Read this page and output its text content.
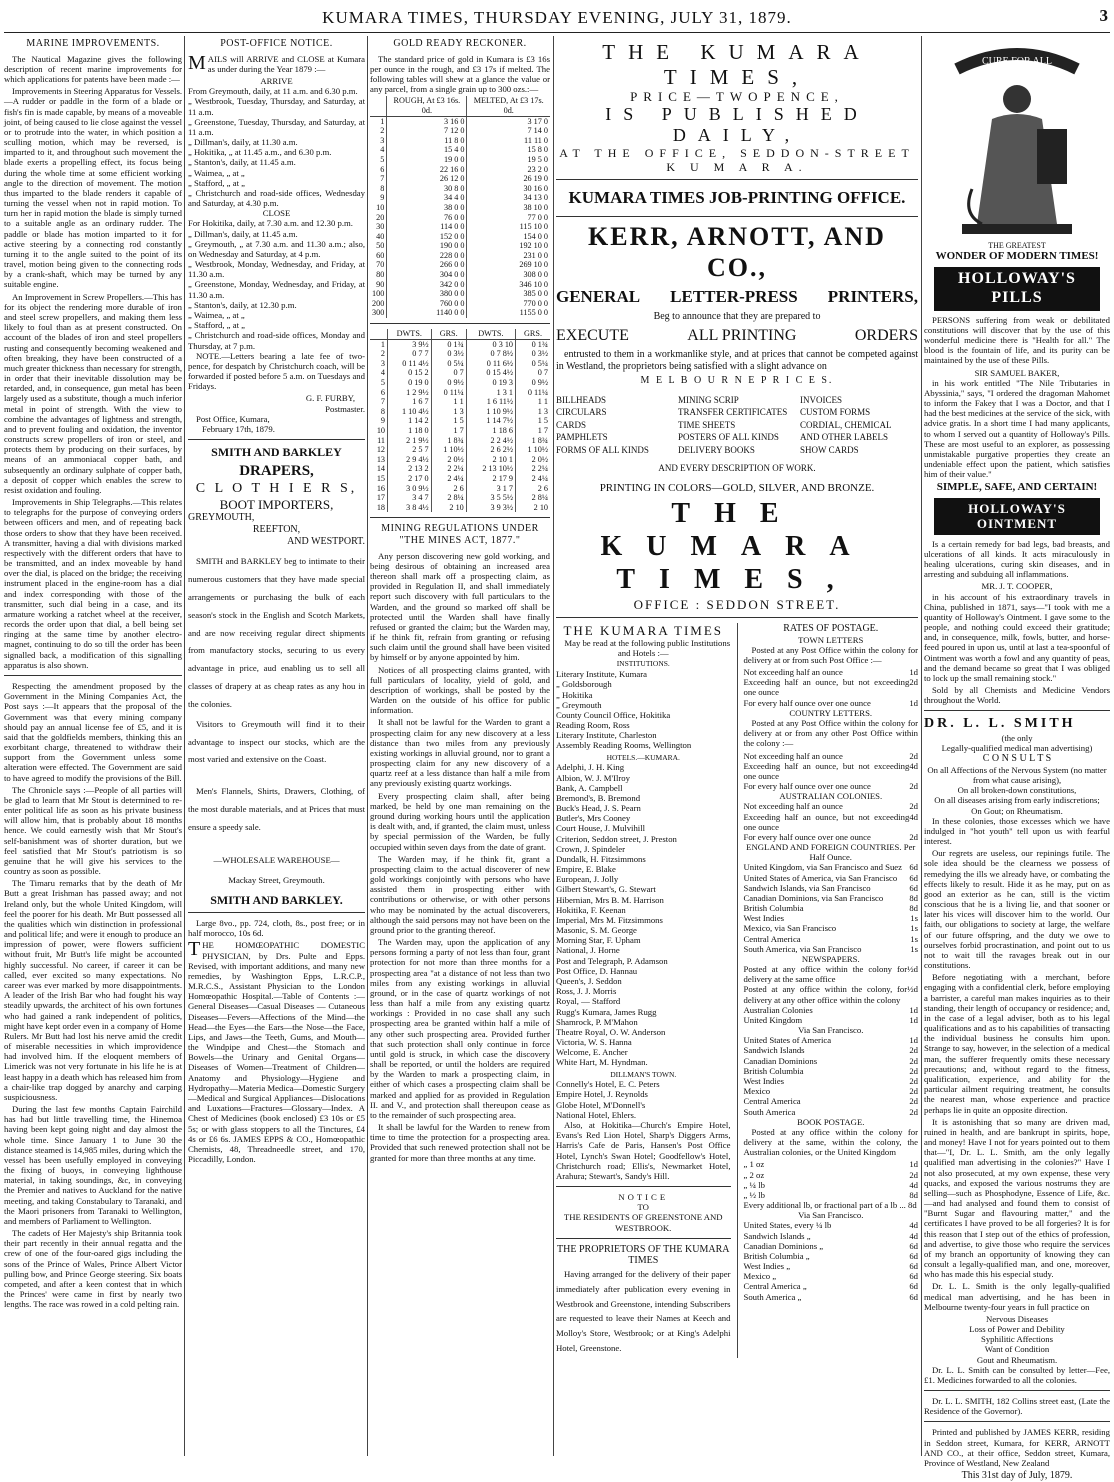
KUMARA TIMES, THURSDAY EVENING, JULY 31, 1879.	3
MARINE IMPROVEMENTS.

The Nautical Magazine gives the following description of recent marine improvements for which applications for patents have been made :—

Improvements in Steering Apparatus for Vessels.—A rudder or paddle in the form of a blade or fish's fin is made capable, by means of a moveable joint, of being caused to lie close against the vessel or to protrude into the water, in which position a sculling motion, which may be reversed, is imparted to it, and throughout such movement the blade exerts a propelling effect, its focus being during the whole time at some efficient working angle to the direction of movement. The motion thus imparted to the blade renders it capable of turning the vessel when not in rapid motion. To turn her in rapid motion the blade is simply turned to a suitable angle as an ordinary rudder. The paddle or blade has motion imparted to it for active steering by a connecting rod constantly turning it to the angle suited to the point of its travel, motion being given to the connecting rods by a crank-shaft, which may be turned by any suitable engine.

An Improvement in Screw Propellers.—This has for its object the rendering more durable of iron and steel screw propellers, and making them less likely to foul than as at present constructed. On account of the blades of iron and steel propellers rusting and consequently becoming weakened and often breaking, they have been constructed of a much greater thickness than necessary for strength, in order that their inevitable dissolution may be retarded, and, in consequence, gun metal has been largely used as a substitute, though a much inferior metal in point of strength. With the view to combine the advantages of lightness and strength, and to prevent fouling and oxidation, the inventor constructs screw propellers of iron or steel, and protects them by producing on their surfaces, by means of an ammoniacal copper bath, and subsequently an ordinary sulphate of copper bath, a deposit of copper which enables the screw to resist oxidation and fouling.

Improvements in Ship Telegraphs.—This relates to telegraphs for the purpose of conveying orders between officers and men, and of repeating back those orders to show that they have been received. A transmitter, having a dial with divisions marked respectively with the different orders that have to be transmitted, and an index moveable by hand over the dial, is placed on the bridge; the receiving instrument placed in the engine-room has a dial and index corresponding with those of the transmitter, such dial being in a case, and its armature working a ratchet wheel at the receiver, records the order upon that dial, a bell being set ringing at the same time by another electro-magnet, continuing to do so till the order has been signalled back, a modification of this signalling apparatus is also shown.

Respecting the amendment proposed by the Government in the Mining Companies Act, the Post says :—It appears that the proposal of the Government was that every mining company should pay an annual license fee of £5, and it is said that the goldfields members, thinking this an exorbitant charge, threatened to withdraw their support from the Government unless some alteration were effected. The Government are said to have agreed to modify the provisions of the Bill.

The Chronicle says :—People of all parties will be glad to learn that Mr Stout is determined to re-enter political life as soon as his private business will allow him, that is probably about 18 months hence. We could earnestly wish that Mr Stout's self-banishment was of shorter duration, but we feel satisfied that Mr Stout's patriotism is so genuine that he will give his services to the country as soon as possible.

The Timaru remarks that by the death of Mr Butt a great Irishman has passed away; and not Ireland only, but the whole United Kingdom, will feel the poorer for his death. Mr Butt possessed all the qualities which win distinction in professional and political life; and were it enough to produce an impression of power, were flowers sufficient without fruit, Mr Butt's life might be accounted highly successful. No career, if career it can be called, ever excited so many expectations. No career was ever marked by more disappointments. A leader of the Irish Bar who had fought his way steadily upwards, the architect of his own fortunes who had gained a rank independent of politics, might have kept order even in a company of Home Rulers. Mr Butt had lost his nerve amid the credit of miserable necessities in which improvidence had involved him. If the eloquent members of Limerick was not very fortunate in his life he is at least happy in a death which has released him from a chair-like trap dogged by anarchy and carping suspiciousness.

During the last few months Captain Fairchild has had but little travelling time, the Hinemoa having been kept going night and day almost the whole time. Since January 1 to June 30 the distance steamed is 14,985 miles, during which the vessel has been usefully employed in conveying the fixing of buoys, in conveying lighthouse material, in taking soundings, &c, in conveying the Premier and natives to Auckland for the native meeting, and taking Constabulary to Taranaki, and the Maori prisoners from Taranaki to Wellington, and members of Parliament to Wellington.

The cadets of Her Majesty's ship Britannia took their part recently in their annual regatta and the crew of one of the four-oared gigs including the sons of the Prince of Wales, Prince Albert Victor pulling bow, and Prince George steering. Six boats competed, and after a keen contest that in which the Princes' were came in first by nearly two lengths. The race was rowed in a cold pelting rain.

POST-OFFICE NOTICE.

MAILS will ARRIVE and CLOSE at Kumara as under during the Year 1879 :—

ARRIVE
From Greymouth, daily, at 11 a.m. and 6.30 p.m.
„ Westbrook, Tuesday, Thursday, and Saturday, at 11 a.m.
„ Greenstone, Tuesday, Thursday, and Saturday, at 11 a.m.
„ Dillman's, daily, at 11.30 a.m.
„ Hokitika, „ at 11.45 a.m., and 6.30 p.m.
„ Stanton's, daily, at 11.45 a.m.
„ Waimea, „ at „
„ Stafford, „ at „
„ Christchurch and road-side offices, Wednesday and Saturday, at 4.30 p.m.
CLOSE
For Hokitika, daily, at 7.30 a.m. and 12.30 p.m.
„ Dillman's, daily, at 11.45 a.m.
„ Greymouth, „ at 7.30 a.m. and 11.30 a.m.; also, on Wednesday and Saturday, at 4 p.m.
„ Westbrook, Monday, Wednesday, and Friday, at 11.30 a.m.
„ Greenstone, Monday, Wednesday, and Friday, at 11.30 a.m.
„ Stanton's, daily, at 12.30 p.m.
„ Waimea, „ at „
„ Stafford, „ at „
„ Christchurch and road-side offices, Monday and Thursday, at 7 p.m.

NOTE.—Letters bearing a late fee of two-pence, for despatch by Christchurch coach, will be forwarded if posted before 5 a.m. on Tuesdays and Fridays.

G. F. FURBY,
Postmaster.
Post Office, Kumara,
February 17th, 1879.
SMITH AND BARKLEY
DRAPERS,
C L O T H I E R S,
BOOT IMPORTERS,
GREYMOUTH,
REEFTON,
AND WESTPORT.

SMITH and BARKLEY beg to intimate to their numerous customers that they have made special arrangements or purchasing the bulk of each season's stock in the English and Scotch Markets, and are now receiving regular direct shipments from manufactory stocks, securing to us every advantage in price, aud enabling us to sell all classes of drapery at as cheap rates as any hou in the colonies.

Visitors to Greymouth will find it to their advantage to inspect our stocks, which are the most varied and extensive on the Coast.

Men's Flannels, Shirts, Drawers, Clothing, of the most durable materials, and at Prices that must ensure a speedy sale.

—WHOLESALE WAREHOUSE—
Mackay Street, Greymouth.
SMITH AND BARKLEY.

Large 8vo., pp. 724, cloth, 8s., post free; or in half morocco, 10s 6d.

THE HOMŒOPATHIC DOMESTIC PHYSICIAN, by Drs. Pulte and Epps. Revised, with important additions, and many new remedies, by Washington Epps, L.R.C.P., M.R.C.S., Assistant Physician to the London Homœopathic Hospital.—Table of Contents :—General Diseases—Casual Diseases — Cutaneous Diseases—Fevers—Affections of the Mind—the Head—the Eyes—the Ears—the Nose—the Face, Lips, and Jaws—the Teeth, Gums, and Mouth—the Windpipe and Chest—the Stomach and Bowels—the Urinary and Genital Organs—Diseases of Women—Treatment of Children—Anatomy and Physiology—Hygiene and Hydropathy—Materia Medica—Domestic Surgery—Medical and Surgical Appliances—Dislocations and Luxations—Fractures—Glossary—Index. A Chest of Medicines (book enclosed) £3 10s or £5 5s; or with glass stoppers to all the Tinctures, £4 4s or £6 6s. JAMES EPPS & CO., Homœopathic Chemists, 48, Threadneedle street, and 170, Piccadilly, London.

GOLD READY RECKONER.

The standard price of gold in Kumara is £3 16s per ounce in the rough, and £3 17s if melted. The following tables will shew at a glance the value or any parcel, from a single grain up to 300 ozs.:—

	ROUGH, At £3 16s. 0d.	MELTED, At £3 17s. 0d.
1	3 16 0	3 17 0
2	7 12 0	7 14 0
3	11 8 0	11 11 0
4	15 4 0	15 8 0
5	19 0 0	19 5 0
6	22 16 0	23 2 0
7	26 12 0	26 19 0
8	30 8 0	30 16 0
9	34 4 0	34 13 0
10	38 0 0	38 10 0
20	76 0 0	77 0 0
30	114 0 0	115 10 0
40	152 0 0	154 0 0
50	190 0 0	192 10 0
60	228 0 0	231 0 0
70	266 0 0	269 10 0
80	304 0 0	308 0 0
90	342 0 0	346 10 0
100	380 0 0	385 0 0
200	760 0 0	770 0 0
300	1140 0 0	1155 0 0
	DWTS.	GRS.	DWTS.	GRS.
1	3 9½	0 1¾	0 3 10	0 1¾
2	0 7 7	0 3½	0 7 8½	0 3½
3	0 11 4½	0 5¼	0 11 6½	0 5¼
4	0 15 2	0 7	0 15 4½	0 7
5	0 19 0	0 9½	0 19 3	0 9½
6	1 2 9½	0 11¼	1 3 1	0 11¼
7	1 6 7	1 1	1 6 11½	1 1
8	1 10 4½	1 3	1 10 9½	1 3
9	1 14 2	1 5	1 14 7½	1 5
10	1 18 0	1 7	1 18 6	1 7
11	2 1 9½	1 8¾	2 2 4½	1 8¾
12	2 5 7	1 10½	2 6 2½	1 10½
13	2 9 4½	2 0½	2 10 1	2 0½
14	2 13 2	2 2¼	2 13 10½	2 2¼
15	2 17 0	2 4¼	2 17 9	2 4¼
16	3 0 9½	2 6	3 1 7	2 6
17	3 4 7	2 8¼	3 5 5½	2 8¼
18	3 8 4½	2 10	3 9 3½	2 10
MINING REGULATIONS UNDER "THE MINES ACT, 1877."

Any person discovering new gold working, and being desirous of obtaining an increased area thereon shall mark off a prospecting claim, as provided in Regulation II, and shall immediately report such discovery with full particulars to the Warden, and the ground so marked off shall be protected until the Warden shall have finally refused or granted the claim; but the Warden may, if he think fit, refrain from granting or refusing such claim until the ground shall have been visited by himself or by anyone appointed by him.

Notices of all prospecting claims granted, with full particulars of locality, yield of gold, and description of workings, shall be posted by the Warden on the outside of his office for public information.

It shall not be lawful for the Warden to grant a prospecting claim for any new discovery at a less distance than two miles from any previously existing workings in alluvial ground, nor to grant a prospecting claim for any new discovery of a quartz reef at a less distance than half a mile from any previously existing quartz workings.

Every prospecting claim shall, after being marked, be held by one man remaining on the ground during working hours until the application is dealt with, and, if granted, the claim must, unless by special permission of the Warden, be fully occupied within seven days from the date of grant.

The Warden may, if he think fit, grant a prospecting claim to the actual discoverer of new gold workings conjointly with persons who have assisted them in prospecting either with contributions or otherwise, or with other persons who may be nominated by the actual discoverers, although the said persons may not have been on the ground prior to the granting thereof.

The Warden may, upon the application of any persons forming a party of not less than four, grant protection for not more than three months for a prospecting area "at a distance of not less than two miles from any existing workings in alluvial ground, or in the case of quartz workings of not less than half a mile from any existing quartz workings : Provided in no case shall any such prospecting area be granted within half a mile of any other such prospecting area. Provided further that such protection shall only continue in force until gold is struck, in which case the discovery shall be reported, or until the holders are required by the Warden to mark a prospecting claim, in either of which cases a prospecting claim shall be marked and applied for as provided in Regulation II. and V., and protection shall thereupon cease as to the remainder of such prospecting area.

It shall be lawful for the Warden to renew from time to time the protection for a prospecting area. Provided that such renewed protection shall not be granted for more than three months at any time.

THE KUMARA TIMES,
PRICE—TWOPENCE,
IS PUBLISHED DAILY,
AT THE OFFICE, SEDDON-STREET
K U M A R A.
KUMARA TIMES JOB-PRINTING OFFICE.
KERR, ARNOTT, AND CO.,
GENERAL LETTER-PRESS PRINTERS,
Beg to announce that they are prepared to
EXECUTE	ALL PRINTING	ORDERS

entrusted to them in a workmanlike style, and at prices that cannot be competed against in Westland, the proprietors being satisfied with a slight advance on

M E L B O U R N E P R I C E S.
BILLHEADS	MINING SCRIP	INVOICES
CIRCULARS	TRANSFER CERTIFICATES	CUSTOM FORMS
CARDS	TIME SHEETS	CORDIAL, CHEMICAL
PAMPHLETS	POSTERS OF ALL KINDS	AND OTHER LABELS
FORMS OF ALL KINDS	DELIVERY BOOKS	SHOW CARDS
AND EVERY DESCRIPTION OF WORK.
PRINTING IN COLORS—GOLD, SILVER, AND BRONZE.
THE KUMARA TIMES,
OFFICE : SEDDON STREET.
THE KUMARA TIMES

May be read at the following public Institutions and Hotels :—

INSTITUTIONS.
Literary Institute, Kumara
„ Goldsborough
„ Hokitika
„ Greymouth
County Council Office, Hokitika
Reading Room, Ross
Literary Institute, Charleston
Assembly Reading Rooms, Wellington
HOTELS.—KUMARA.
Adelphi, J. H. King
Albion, W. J. M'Ilroy
Bank, A. Campbell
Bremond's, B. Bremond
Buck's Head, J. S. Pearn
Butler's, Mrs Cooney
Court House, J. Mulvihill
Criterion, Seddon street, J. Preston
Crown, J. Spindeler
Dundalk, H. Fitzsimmons
Empire, E. Blake
European, J. Jolly
Gilbert Stewart's, G. Stewart
Hibernian, Mrs B. M. Harrison
Hokitika, F. Keenan
Imperial, Mrs M. Fitzsimmons
Masonic, S. M. George
Morning Star, F. Upham
National, J. Horne
Post and Telegraph, P. Adamson
Post Office, D. Hannau
Queen's, J. Seddon
Ross, J. J. Morris
Royal, — Stafford
Rugg's Kumara, James Rugg
Shamrock, P. M'Mahon
Theatre Royal, O. W. Anderson
Victoria, W. S. Hanna
Welcome, E. Ancher
White Hart, M. Hyndman.
DILLMAN'S TOWN.
Connelly's Hotel, E. C. Peters
Empire Hotel, J. Reynolds
Globe Hotel, M'Donnell's
National Hotel, Ehlers.

Also, at Hokitika—Church's Empire Hotel, Evans's Red Lion Hotel, Sharp's Diggers Arms, Harris's Cafe de Paris, Hansen's Post Office Hotel, Lynch's Swan Hotel; Goodfellow's Hotel, Christchurch road; Ellis's, Newmarket Hotel, Arahura; Stewart's, Sandy's Hill.

NOTICE
TO
THE RESIDENTS OF GREENSTONE AND WESTBROOK.
THE PROPRIETORS OF THE KUMARA TIMES

Having arranged for the delivery of their paper immediately after publication every evening in Westbrook and Greenstone, intending Subscribers are requested to leave their Names at Keech and Molloy's Store, Westbrook; or at King's Adelphi Hotel, Greenstone.

RATES OF POSTAGE.
TOWN LETTERS

Posted at any Post Office within the colony for delivery at or from such Post Office :—

Not exceeding half an ounce	1d
Exceeding half an ounce, but not exceeding one ounce
2d
For every half ounce over one ounce	1d
COUNTRY LETTERS.

Posted at any Post Office within the colony for delivery at or from any other Post Office within the colony :—

Not exceeding half an ounce	2d
Exceeding half an ounce, but not exceeding one ounce
4d
For every half ounce over one ounce	2d
AUSTRALIAN COLONIES.
Not exceeding half an ounce	2d
Exceeding half an ounce, but not exceeding one ounce
4d
For every half ounce over one ounce	2d
ENGLAND AND FOREIGN COUNTRIES. Per Half Ounce.
United Kingdom, via San Francisco and Suez 6d
United States of America, via San Francisco 6d
Sandwich Islands, via San Francisco	6d
Canadian Dominions, via San Francisco	8d
British Columbia	8d
West Indies	1s
Mexico, via San Francisco	1s
Central America	1s
South America, via San Francisco	1s
NEWSPAPERS.
Posted at any office within the colony for delivery at the same office
½d
Posted at any office within the colony, for delivery at any other office within the colony
½d
Australian Colonies	1d
United Kingdom	1d
Via San Francisco.
United States of America	1d
Sandwich Islands	2d
Canadian Dominions	2d
British Columbia	2d
West Indies	2d
Mexico	2d
Central America	2d
South America	2d
BOOK POSTAGE.

Posted at any office within the colony for delivery at the same, within the colony, the Australian colonies, or the United Kingdom

„ 1 oz	1d
„ 2 oz	2d
„ ¼ lb	4d
„ ½ lb	8d
Every additional lb, or fractional part of a lb ... 8d
Via San Francisco.
United States, every ¼ lb	4d
Sandwich Islands „	4d
Canadian Dominions „	6d
British Columbia „	6d
West Indies „	6d
Mexico „	6d
Central America „	6d
South America „	6d
CURE FOR ALL
THE GREATEST
WONDER OF MODERN TIMES!
HOLLOWAY'S PILLS

PERSONS suffering from weak or debilitated constitutions will discover that by the use of this wonderful medicine there is "Health for all." The blood is the fountain of life, and its purity can be maintained by the use of these Pills.

SIR SAMUEL BAKER,

in his work entitled "The Nile Tributaries in Abyssinia," says, "I ordered the dragoman Mahomet to inform the Fakey that I was a Doctor, and that I had the best medicines at the service of the sick, with advice gratis. In a short time I had many applicants, to whom I served out a quantity of Holloway's Pills. These are most useful to an explorer, as possessing unmistakable purgative properties they create an undeniable effect upon the patient, which satisfies him of their value."

SIMPLE, SAFE, AND CERTAIN!
HOLLOWAY'S OINTMENT

Is a certain remedy for bad legs, bad breasts, and ulcerations of all kinds. It acts miraculously in healing ulcerations, curing skin diseases, and in arresting and subduing all inflammations.

MR. J. T. COOPER,

in his account of his extraordinary travels in China, published in 1871, says—"I took with me a quantity of Holloway's Ointment. I gave some to the people, and nothing could exceed their gratitude; and, in consequence, milk, fowls, butter, and horse-feed poured in upon us, until at last a tea-spoonful of Ointment was worth a fowl and any quantity of peas, and the demand became so great that I was obliged to lock up the small remaining stock."

Sold by all Chemists and Medicine Vendors throughout the World.

DR. L. L. SMITH
(the only
Legally-qualified medical man advertising)
C O N S U L T S
On all Affections of the Nervous System (no matter from what cause arising),
On all broken-down constitutions,
On all diseases arising from early indiscretions;
On Gout; on Rheumatism.

In these colonies, those excesses which we have indulged in "hot youth" tell upon us with fearful interest.

Our regrets are useless, our repinings futile. The sole idea should be the clearness we possess of remedying the ills we already have, or combating the effects likely to result. Hide it as he may, put on as good an exterior as he can, still is the victim conscious that he is a living lie, and that sooner or later his vices will discover him to the world. Our faith, our obligations to society at large, the welfare of our future offspring, and the duty we owe to ourselves forbid procrastination, and point out to us not to wait till the ravages break out in our constitutions.

Before negotiating with a merchant, before engaging with a confidential clerk, before employing a barrister, a careful man makes inquiries as to their standing, their length of occupancy or residence; and, in the case of a legal adviser, both as to his legal qualifications and as to his capabilities of transacting the individual business he consults him upon. Strange to say, however, in the selection of a medical man, the sufferer frequently omits these necessary precautions; and, without regard to the fitness, qualification, experience, and ability for the particular ailment requiring treatment, he consults the nearest man, whose experience and practice perhaps lie in quite an opposite direction.

It is astonishing that so many are driven mad, ruined in health, and are bankrupt in spirits, hope, and money! Have I not for years pointed out to them that—"I, Dr. L. L. Smith, am the only legally qualified man advertising in the colonies?" Have I not also prosecuted, at my own expense, these very quacks, and exposed the various nostrums they are selling—such as Phosphodyne, Essence of Life, &c.—and had analysed and found them to consist of "Burnt Sugar and flavouring matter," and the certificates I have proved to be all forgeries? It is for this reason that I step out of the ethics of profession, and advertise, to give those who require the services of my branch an opportunity of knowing they can consult a legally-qualified man, and one, moreover, who has made this his especial study.

Dr. L. L. Smith is the only legally-qualified medical man advertising, and he has been in Melbourne twenty-four years in full practice on

Nervous Diseases
Loss of Power and Debility
Syphilitic Affections
Want of Condition
Gout and Rheumatism.

Dr. L. L. Smith can be consulted by letter—Fee, £1. Medicines forwarded to all the colonies.

Dr. L. L. SMITH, 182 Collins street east, (Late the Residence of the Governor).

Printed and published by JAMES KERR, residing in Seddon street, Kumara, for KERR, ARNOTT AND CO., at their office, Seddon street, Kumara, Province of Westland, New Zealand

This 31st day of July, 1879.
